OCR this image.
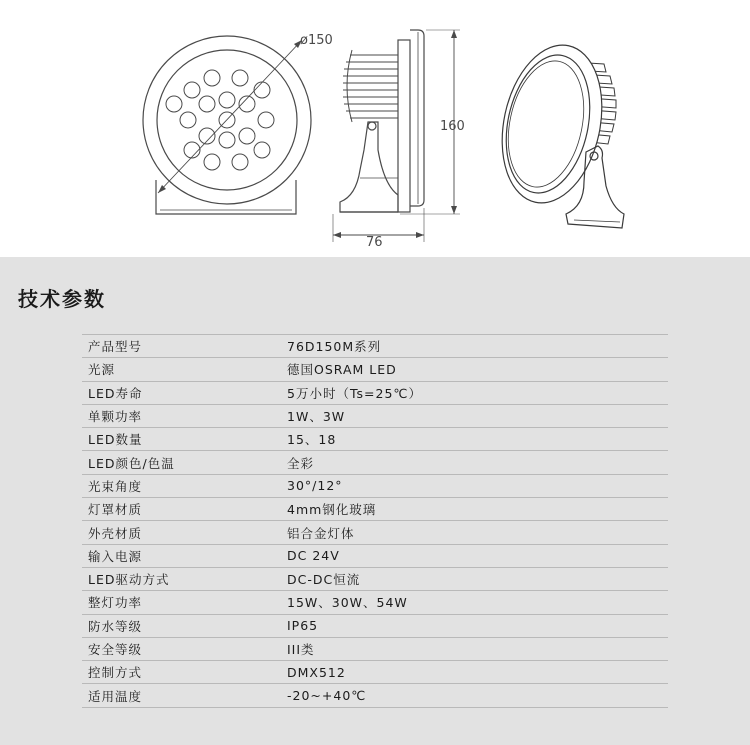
ø150
160
76
技术参数
产品型号	76D150M系列
光源	德国OSRAM LED
LED寿命	5万小时（Ts=25℃）
单颗功率	1W、3W
LED数量	15、18
LED颜色/色温	全彩
光束角度	30°/12°
灯罩材质	4mm钢化玻璃
外壳材质	铝合金灯体
输入电源	DC 24V
LED驱动方式	DC-DC恒流
整灯功率	15W、30W、54W
防水等级	IP65
安全等级	III类
控制方式	DMX512
适用温度	-20~+40℃
